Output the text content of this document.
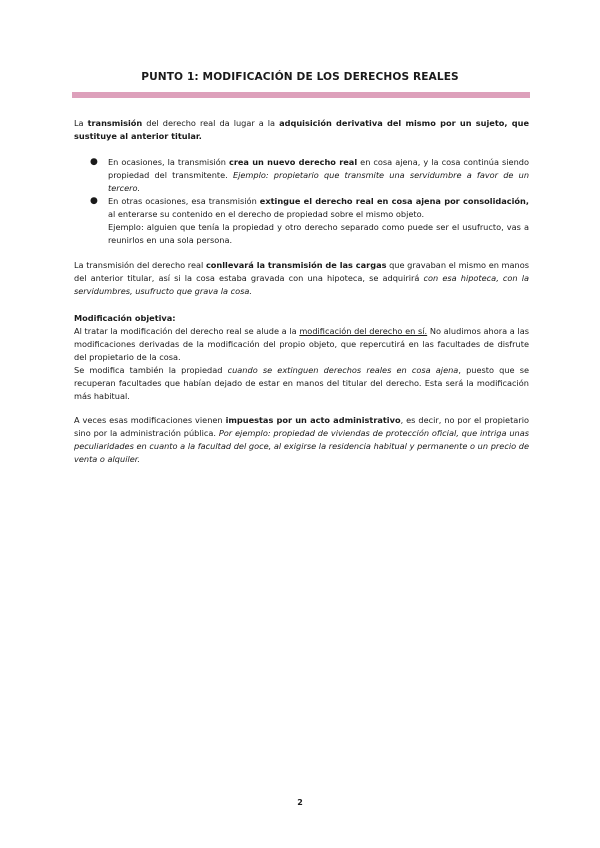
PUNTO 1: MODIFICACIÓN DE LOS DERECHOS REALES

La transmisión del derecho real da lugar a la adquisición derivativa del mismo por un sujeto, que sustituye al anterior titular.

● En ocasiones, la transmisión crea un nuevo derecho real en cosa ajena, y la cosa continúa siendo propiedad del transmitente. Ejemplo: propietario que transmite una servidumbre a favor de un tercero.
● En otras ocasiones, esa transmisión extingue el derecho real en cosa ajena por consolidación, al enterarse su contenido en el derecho de propiedad sobre el mismo objeto.
Ejemplo: alguien que tenía la propiedad y otro derecho separado como puede ser el usufructo, vas a reunirlos en una sola persona.

La transmisión del derecho real conllevará la transmisión de las cargas que gravaban el mismo en manos del anterior titular, así si la cosa estaba gravada con una hipoteca, se adquirirá con esa hipoteca, con la servidumbres, usufructo que grava la cosa.

Modificación objetiva:

Al tratar la modificación del derecho real se alude a la modificación del derecho en sí. No aludimos ahora a las modificaciones derivadas de la modificación del propio objeto, que repercutirá en las facultades de disfrute del propietario de la cosa.

Se modifica también la propiedad cuando se extinguen derechos reales en cosa ajena, puesto que se recuperan facultades que habían dejado de estar en manos del titular del derecho. Esta será la modificación más habitual.

A veces esas modificaciones vienen impuestas por un acto administrativo, es decir, no por el propietario sino por la administración pública. Por ejemplo: propiedad de viviendas de protección oficial, que intriga unas peculiaridades en cuanto a la facultad del goce, al exigirse la residencia habitual y permanente o un precio de venta o alquiler.

2
